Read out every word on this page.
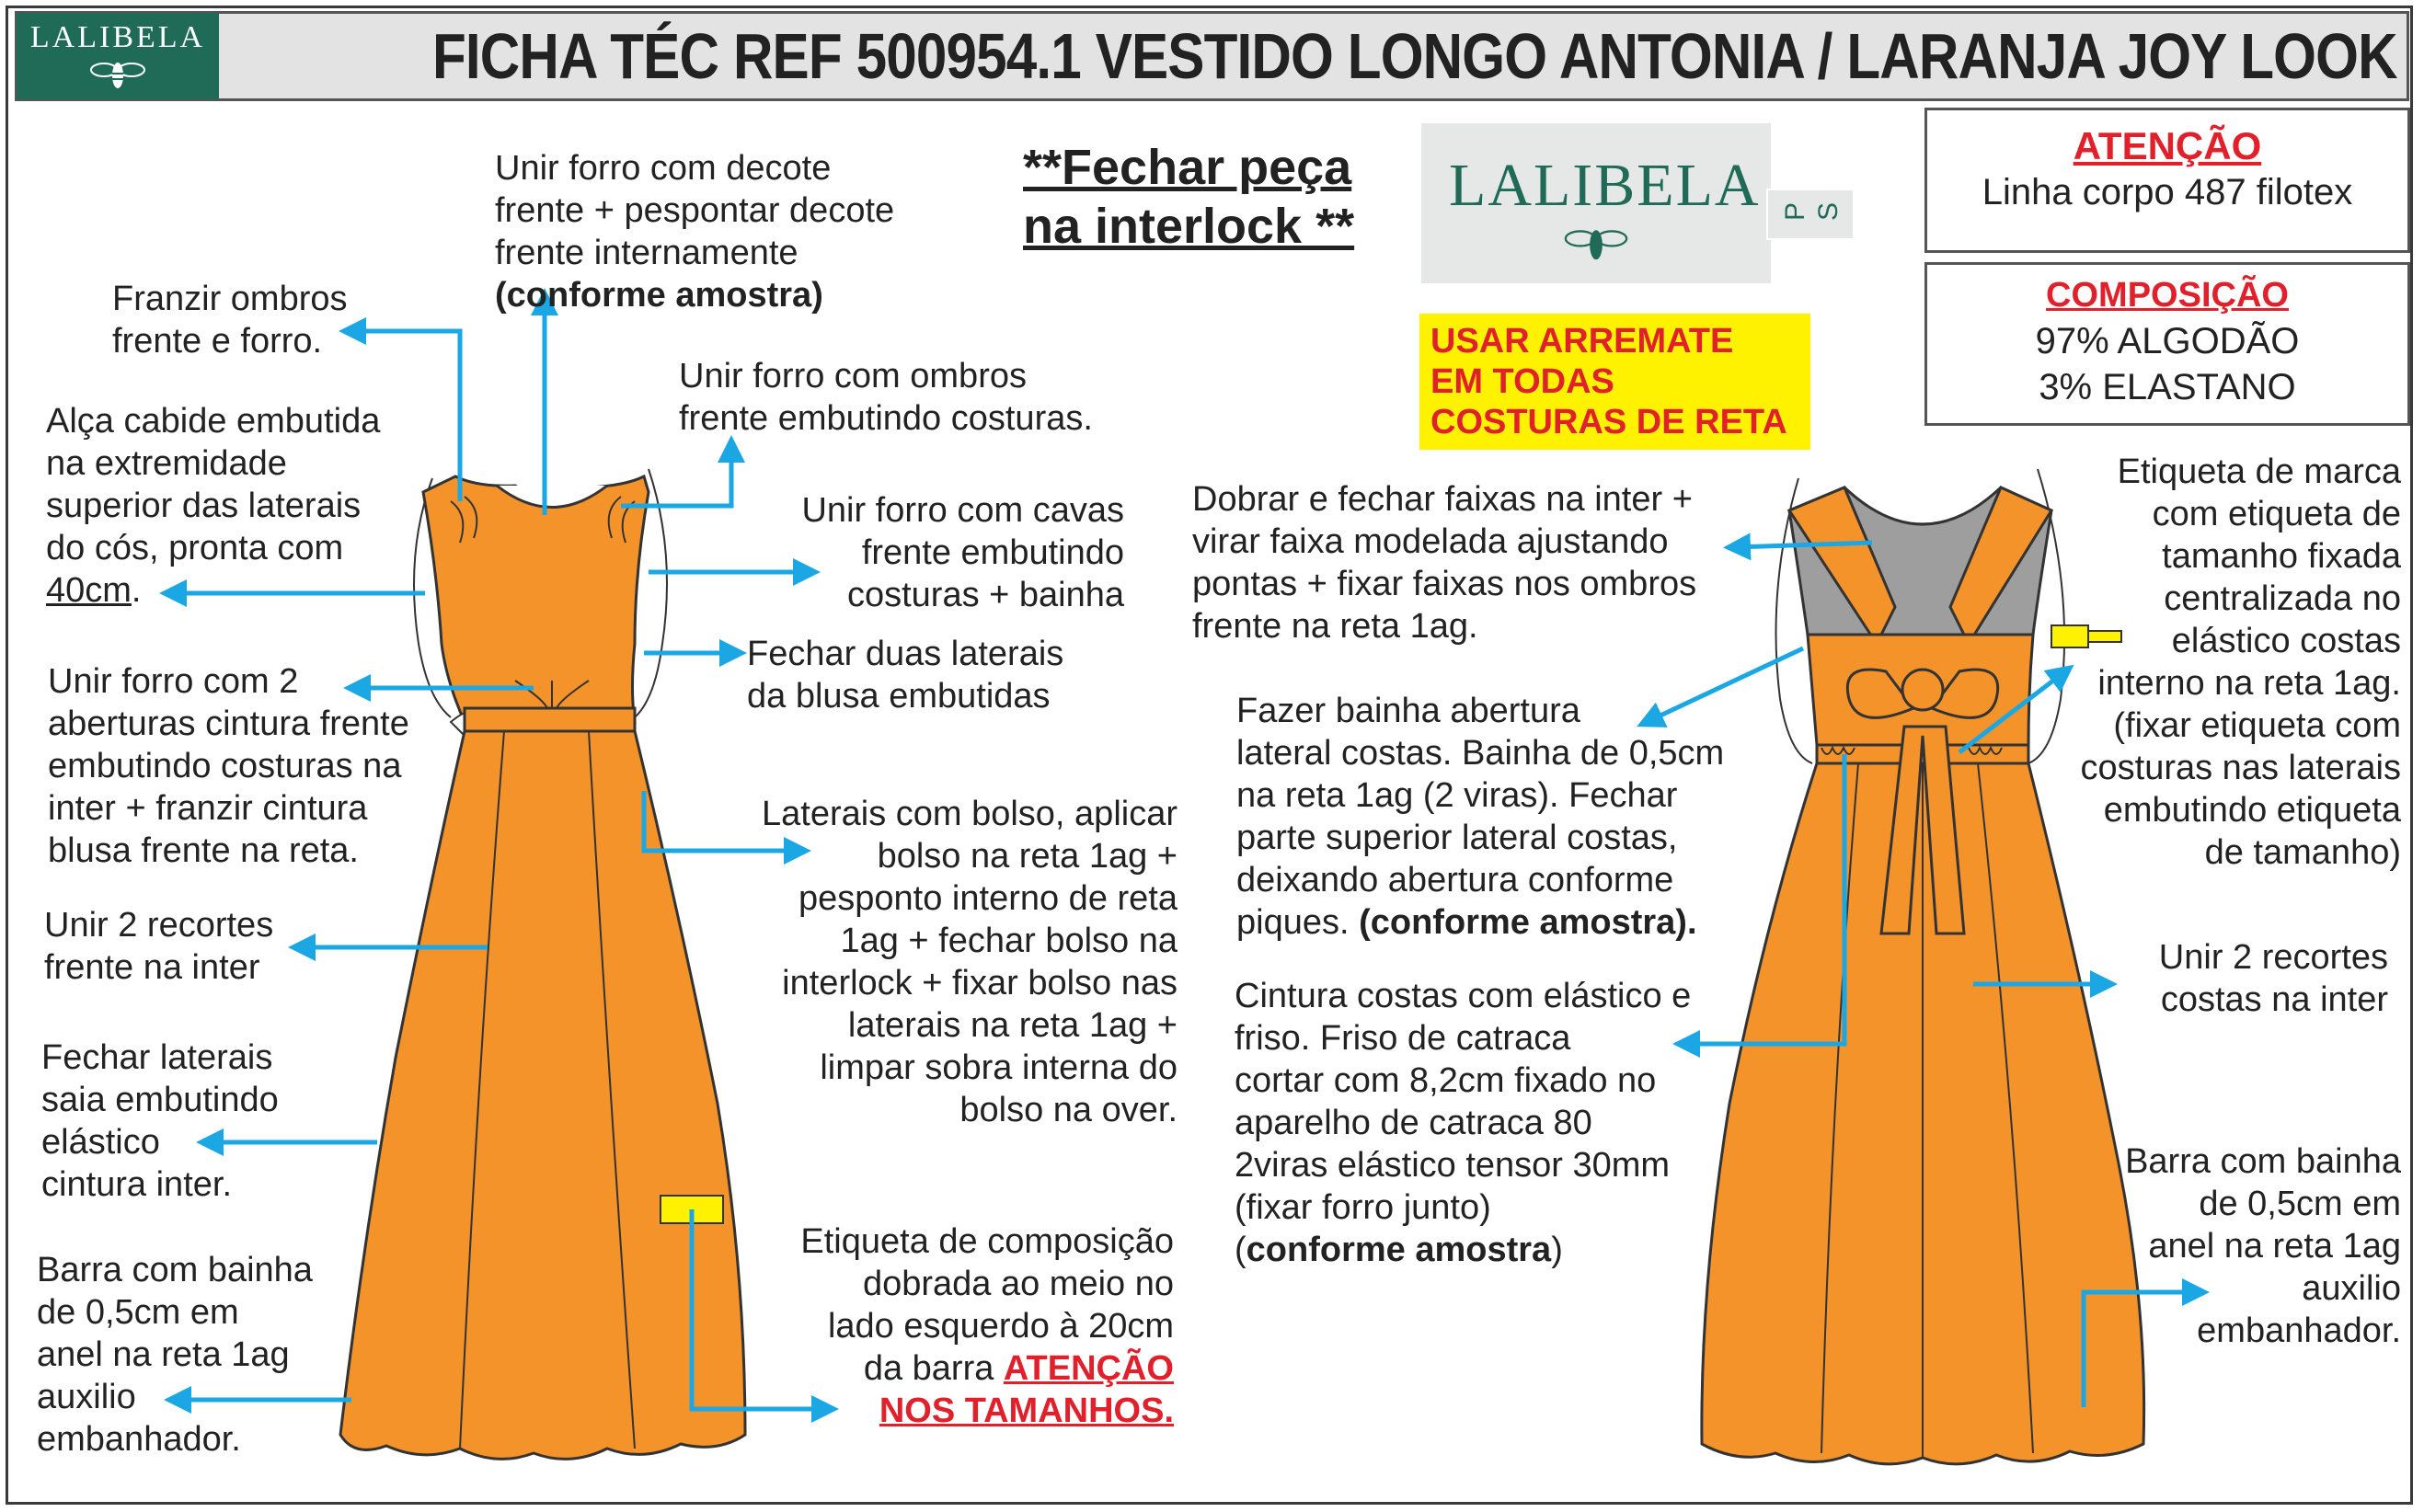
LALIBELA	FICHA TÉC REF 500954.1 VESTIDO LONGO ANTONIA / LARANJA JOY LOOK
**Fechar peça
na interlock **
LALIBELA P S
USAR ARREMATE
EM TODAS
COSTURAS DE RETA
ATENÇÃO
Linha corpo 487 filotex
COMPOSIÇÃO
97% ALGODÃO
3% ELASTANO
Unir forro com decote
frente + pespontar decote
frente internamente
(conforme amostra)
Franzir ombros
frente e forro.
Alça cabide embutida
na extremidade
superior das laterais
do cós, pronta com
40cm.
Unir forro com ombros
frente embutindo costuras.
Unir forro com cavas
frente embutindo
costuras + bainha
Fechar duas laterais
da blusa embutidas
Unir forro com 2
aberturas cintura frente
embutindo costuras na
inter + franzir cintura
blusa frente na reta.
Laterais com bolso, aplicar
bolso na reta 1ag +
pesponto interno de reta
1ag + fechar bolso na
interlock + fixar bolso nas
laterais na reta 1ag +
limpar sobra interna do
bolso na over.
Unir 2 recortes
frente na inter
Fechar laterais
saia embutindo
elástico
cintura inter.
Barra com bainha
de 0,5cm em
anel na reta 1ag
auxilio
embanhador.
Etiqueta de composição
dobrada ao meio no
lado esquerdo à 20cm
da barra ATENÇÃO
NOS TAMANHOS.
Dobrar e fechar faixas na inter +
virar faixa modelada ajustando
pontas + fixar faixas nos ombros
frente na reta 1ag.
Fazer bainha abertura
lateral costas. Bainha de 0,5cm
na reta 1ag (2 viras). Fechar
parte superior lateral costas,
deixando abertura conforme
piques. (conforme amostra).
Cintura costas com elástico e
friso. Friso de catraca
cortar com 8,2cm fixado no
aparelho de catraca 80
2viras elástico tensor 30mm
(fixar forro junto)
(conforme amostra)
Etiqueta de marca
com etiqueta de
tamanho fixada
centralizada no
elástico costas
interno na reta 1ag.
(fixar etiqueta com
costuras nas laterais
embutindo etiqueta
de tamanho)
Unir 2 recortes
costas na inter
Barra com bainha
de 0,5cm em
anel na reta 1ag
auxilio
embanhador.
